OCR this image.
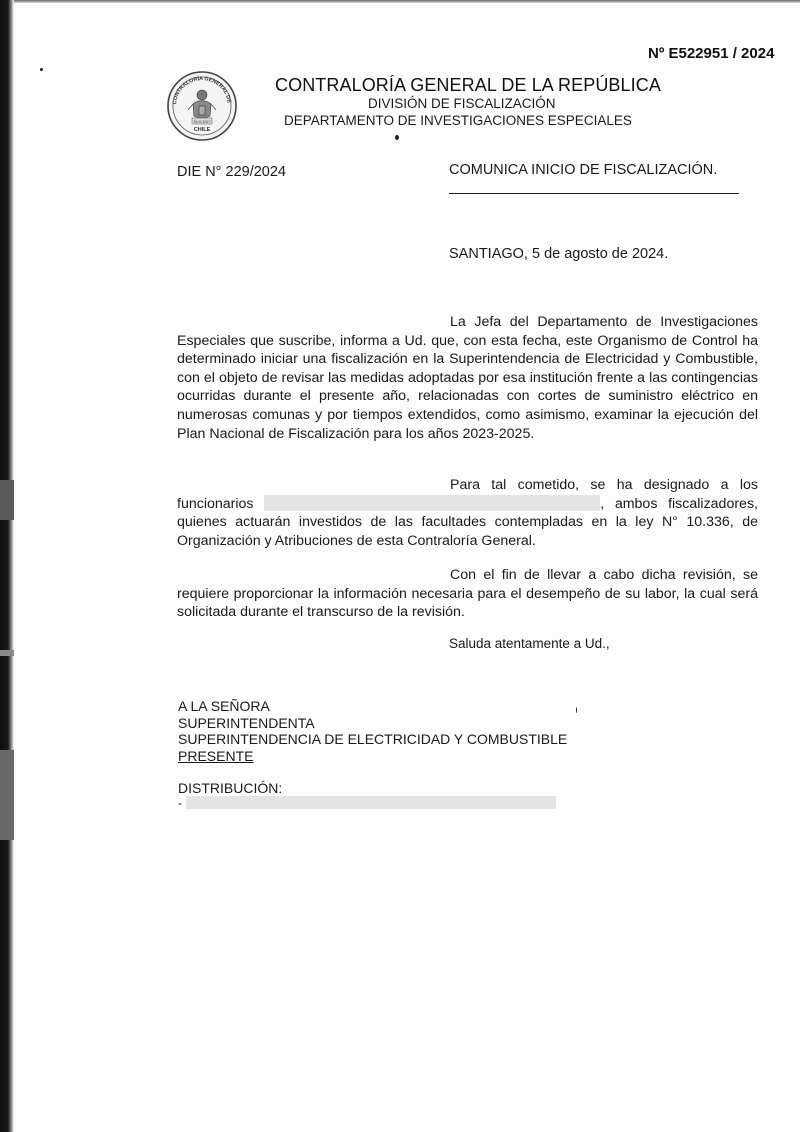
Nº E522951 / 2024
CONTRALORÍA GENERAL DE
26 III 1927
CHILE
CONTRALORÍA GENERAL DE LA REPÚBLICA
DIVISIÓN DE FISCALIZACIÓN
DEPARTAMENTO DE INVESTIGACIONES ESPECIALES
DIE N° 229/2024	COMUNICA INICIO DE FISCALIZACIÓN.
SANTIAGO, 5 de agosto de 2024.
La Jefa del Departamento de Investigaciones Especiales que suscribe, informa a Ud. que, con esta fecha, este Organismo de Control ha determinado iniciar una fiscalización en la Superintendencia de Electricidad y Combustible, con el objeto de revisar las medidas adoptadas por esa institución frente a las contingencias ocurridas durante el presente año, relacionadas con cortes de suministro eléctrico en numerosas comunas y por tiempos extendidos, como asimismo, examinar la ejecución del Plan Nacional de Fiscalización para los años 2023-2025.
Para tal cometido, se ha designado a los funcionarios	, ambos fiscalizadores, quienes actuarán investidos de las facultades contempladas en la ley N° 10.336, de Organización y Atribuciones de esta Contraloría General.
Con el fin de llevar a cabo dicha revisión, se requiere proporcionar la información necesaria para el desempeño de su labor, la cual será solicitada durante el transcurso de la revisión.
Saluda atentamente a Ud.,
A LA SEÑORA
SUPERINTENDENTA
SUPERINTENDENCIA DE ELECTRICIDAD Y COMBUSTIBLE
PRESENTE
DISTRIBUCIÓN:
-
